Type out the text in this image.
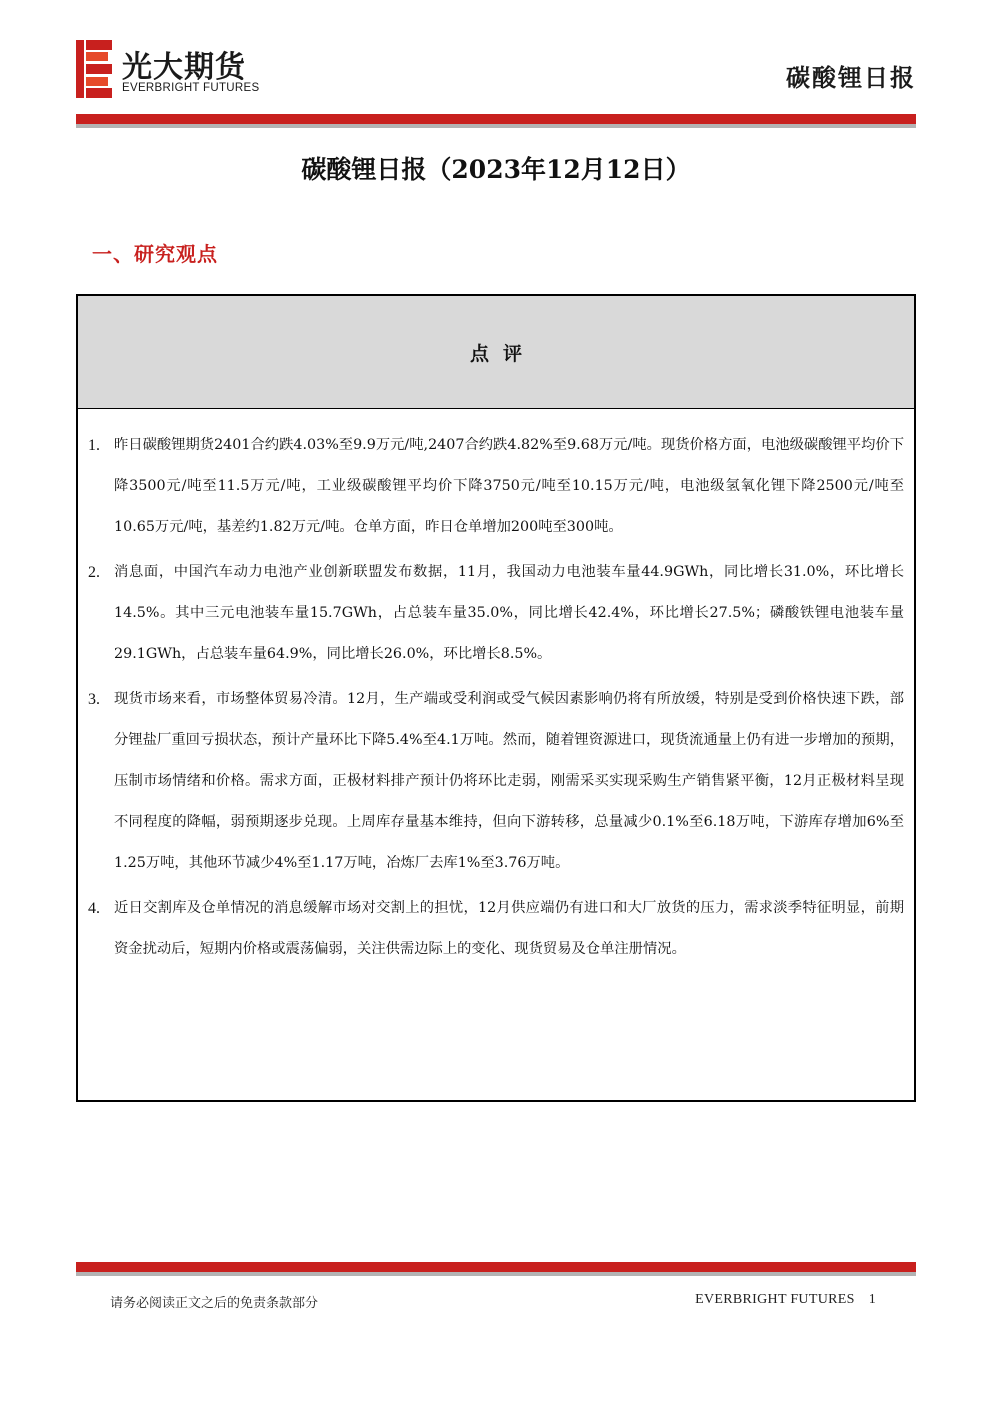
光大期货
EVERBRIGHT FUTURES	碳酸锂日报
碳酸锂日报（2023年12月12日）
一、研究观点
点评
1. 昨日碳酸锂期货2401合约跌4.03%至9.9万元/吨,2407合约跌4.82%至9.68万元/吨。现货价格方面，电池级碳酸锂平均价下降3500元/吨至11.5万元/吨，工业级碳酸锂平均价下降3750元/吨至10.15万元/吨，电池级氢氧化锂下降2500元/吨至10.65万元/吨，基差约1.82万元/吨。仓单方面，昨日仓单增加200吨至300吨。
2. 消息面，中国汽车动力电池产业创新联盟发布数据，11月，我国动力电池装车量44.9GWh，同比增长31.0%，环比增长14.5%。其中三元电池装车量15.7GWh，占总装车量35.0%，同比增长42.4%，环比增长27.5%；磷酸铁锂电池装车量29.1GWh，占总装车量64.9%，同比增长26.0%，环比增长8.5%。
3. 现货市场来看，市场整体贸易冷清。12月，生产端或受利润或受气候因素影响仍将有所放缓，特别是受到价格快速下跌，部分锂盐厂重回亏损状态，预计产量环比下降5.4%至4.1万吨。然而，随着锂资源进口，现货流通量上仍有进一步增加的预期，压制市场情绪和价格。需求方面，正极材料排产预计仍将环比走弱，刚需采买实现采购生产销售紧平衡，12月正极材料呈现不同程度的降幅，弱预期逐步兑现。上周库存量基本维持，但向下游转移，总量减少0.1%至6.18万吨，下游库存增加6%至1.25万吨，其他环节减少4%至1.17万吨，冶炼厂去库1%至3.76万吨。
4. 近日交割库及仓单情况的消息缓解市场对交割上的担忧，12月供应端仍有进口和大厂放货的压力，需求淡季特征明显，前期资金扰动后，短期内价格或震荡偏弱，关注供需边际上的变化、现货贸易及仓单注册情况。
请务必阅读正文之后的免责条款部分	EVERBRIGHT FUTURES 1
